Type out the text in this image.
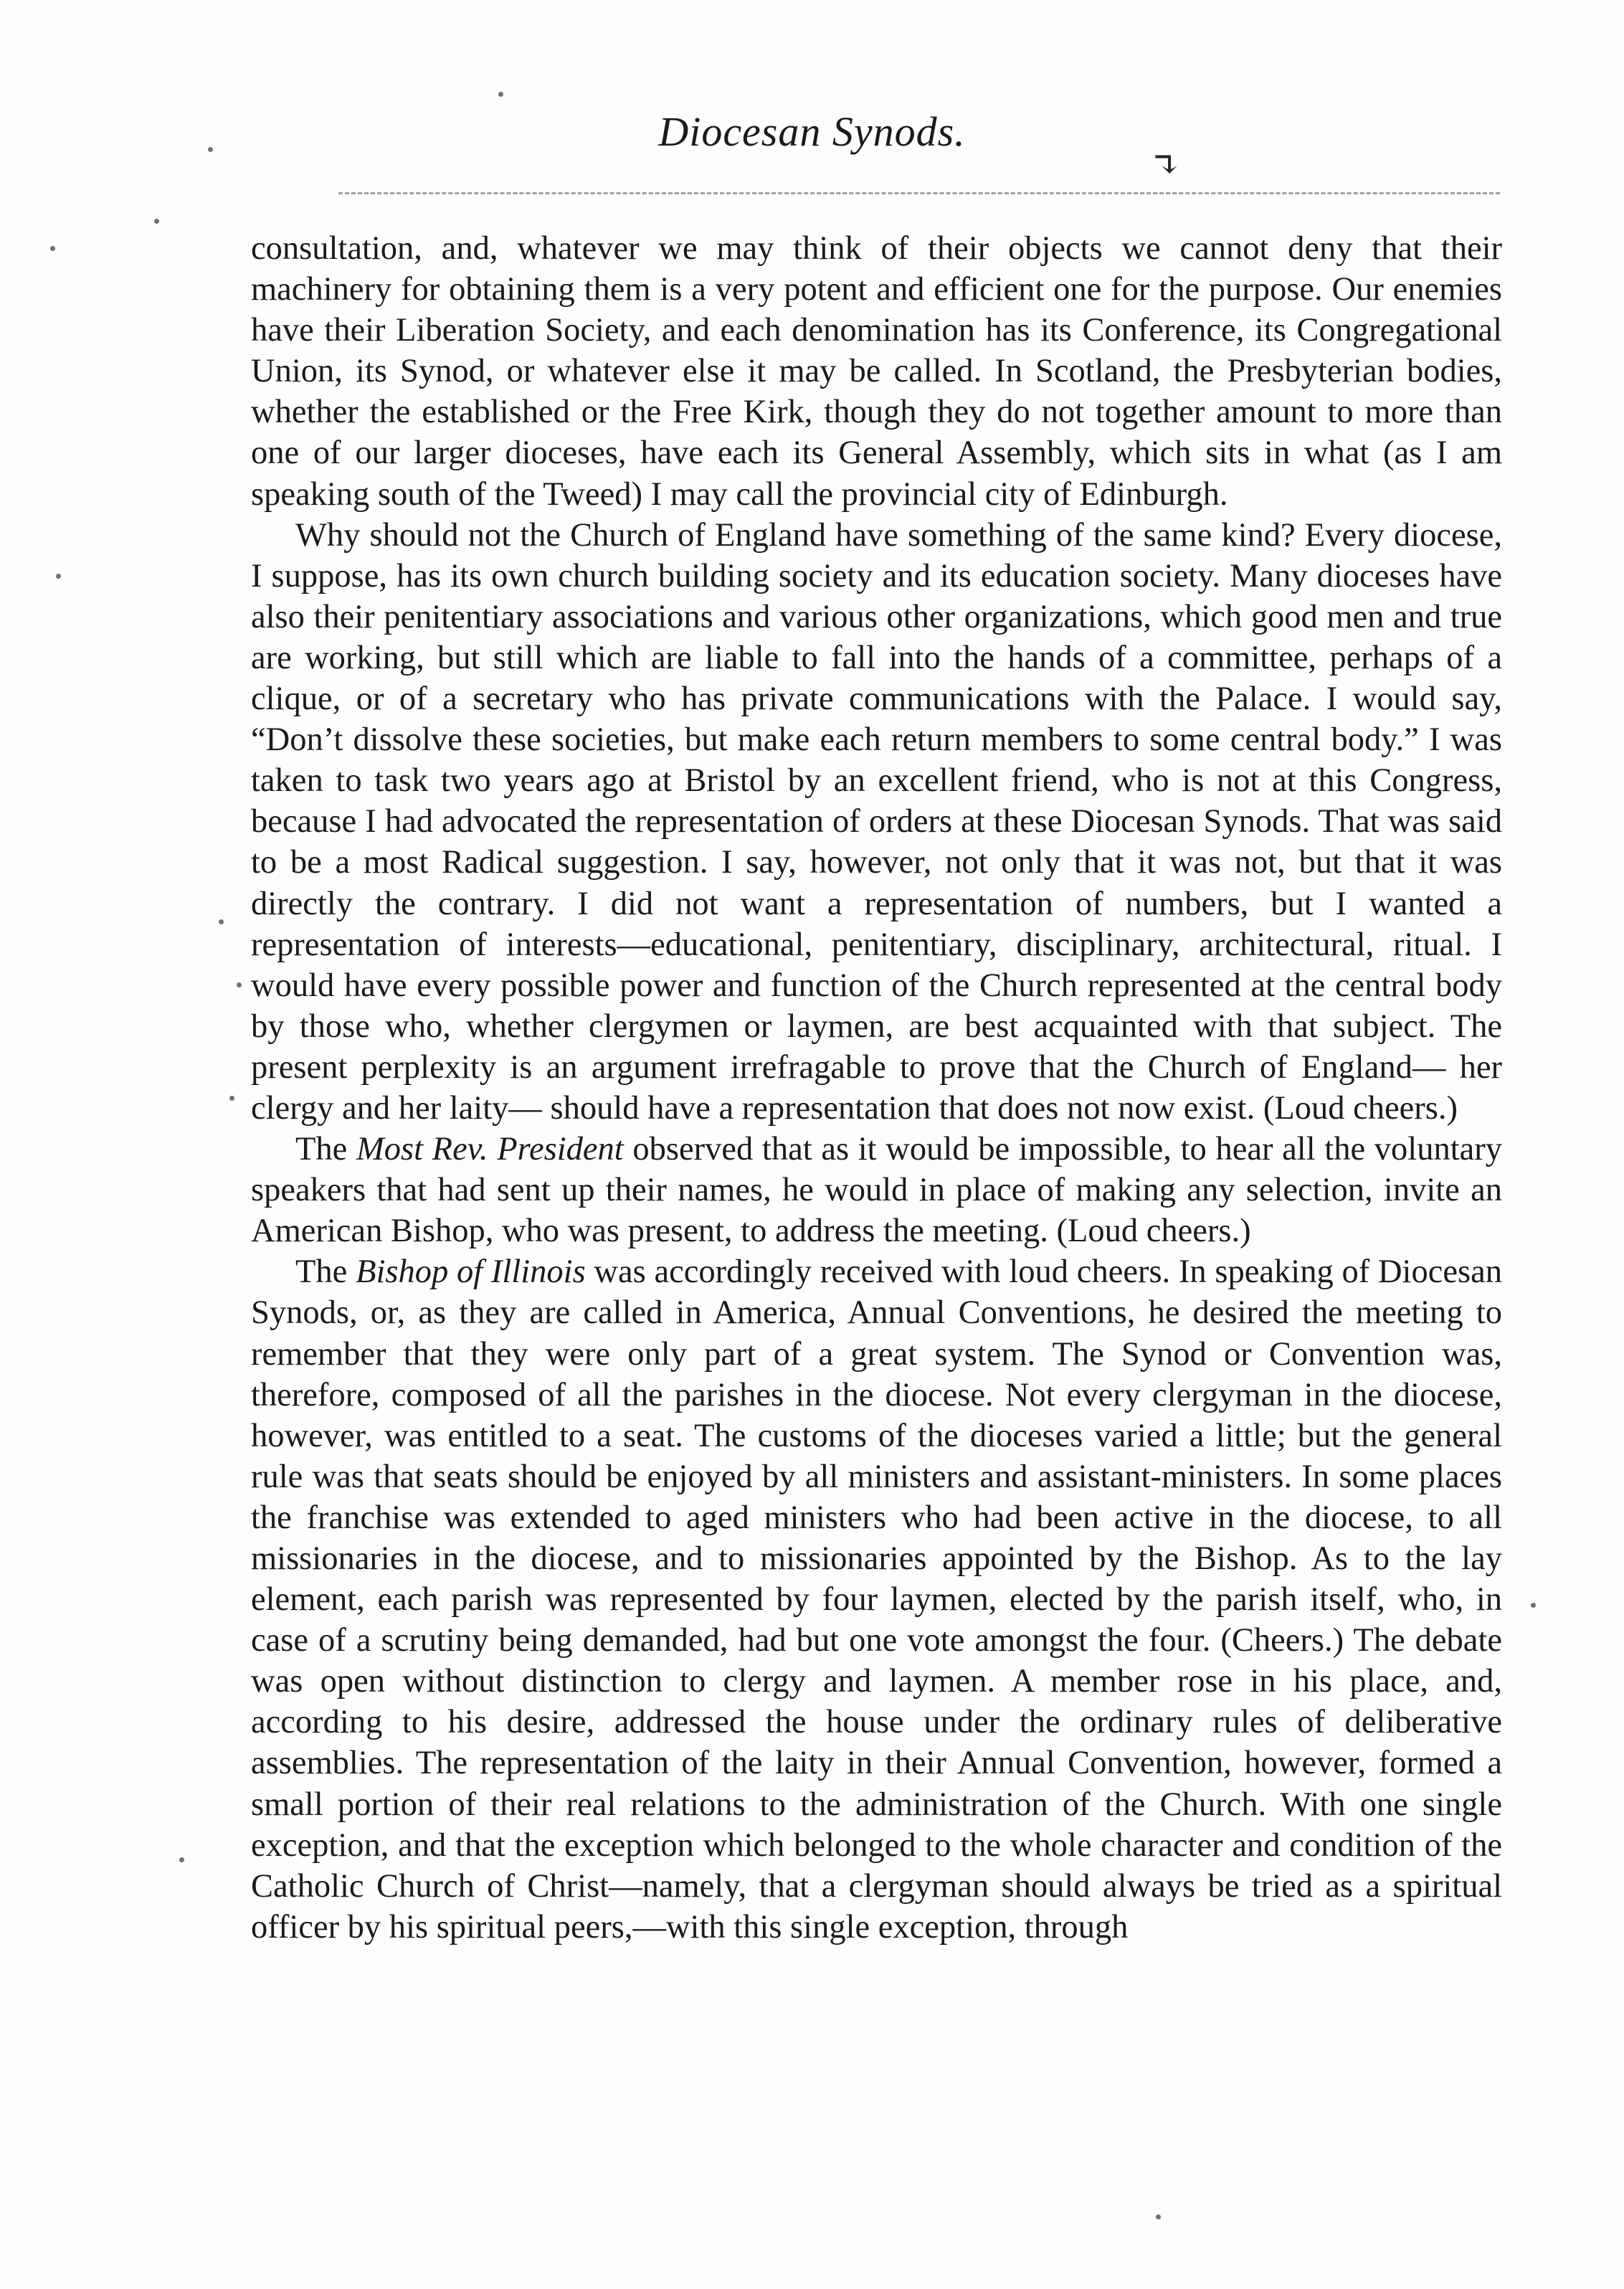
Diocesan Synods.

consultation, and, whatever we may think of their objects we cannot deny that their machinery for obtaining them is a very potent and efficient one for the purpose. Our enemies have their Liberation Society, and each denomination has its Conference, its Congregational Union, its Synod, or whatever else it may be called. In Scotland, the Presbyterian bodies, whether the established or the Free Kirk, though they do not together amount to more than one of our larger dioceses, have each its General Assembly, which sits in what (as I am speaking south of the Tweed) I may call the provincial city of Edinburgh.

Why should not the Church of England have something of the same kind? Every diocese, I suppose, has its own church building society and its education society. Many dioceses have also their penitentiary associations and various other organizations, which good men and true are working, but still which are liable to fall into the hands of a committee, perhaps of a clique, or of a secretary who has private communications with the Palace. I would say, “Don’t dissolve these societies, but make each return members to some central body.” I was taken to task two years ago at Bristol by an excellent friend, who is not at this Congress, because I had advocated the representation of orders at these Diocesan Synods. That was said to be a most Radical suggestion. I say, however, not only that it was not, but that it was directly the contrary. I did not want a representation of numbers, but I wanted a representation of interests—educational, penitentiary, disciplinary, architectural, ritual. I would have every possible power and function of the Church represented at the central body by those who, whether clergymen or laymen, are best acquainted with that subject. The present perplexity is an argument irrefragable to prove that the Church of England— her clergy and her laity— should have a representation that does not now exist. (Loud cheers.)

The Most Rev. President observed that as it would be impossible, to hear all the voluntary speakers that had sent up their names, he would in place of making any selection, invite an American Bishop, who was present, to address the meeting. (Loud cheers.)

The Bishop of Illinois was accordingly received with loud cheers. In speaking of Diocesan Synods, or, as they are called in America, Annual Conventions, he desired the meeting to remember that they were only part of a great system. The Synod or Convention was, therefore, composed of all the parishes in the diocese. Not every clergyman in the diocese, however, was entitled to a seat. The customs of the dioceses varied a little; but the general rule was that seats should be enjoyed by all ministers and assistant-ministers. In some places the franchise was extended to aged ministers who had been active in the diocese, to all missionaries in the diocese, and to missionaries appointed by the Bishop. As to the lay element, each parish was represented by four laymen, elected by the parish itself, who, in case of a scrutiny being demanded, had but one vote amongst the four. (Cheers.) The debate was open without distinction to clergy and laymen. A member rose in his place, and, according to his desire, addressed the house under the ordinary rules of deliberative assemblies. The representation of the laity in their Annual Convention, however, formed a small portion of their real relations to the administration of the Church. With one single exception, and that the exception which belonged to the whole character and condition of the Catholic Church of Christ—namely, that a clergyman should always be tried as a spiritual officer by his spiritual peers,—with this single exception, through

↴
